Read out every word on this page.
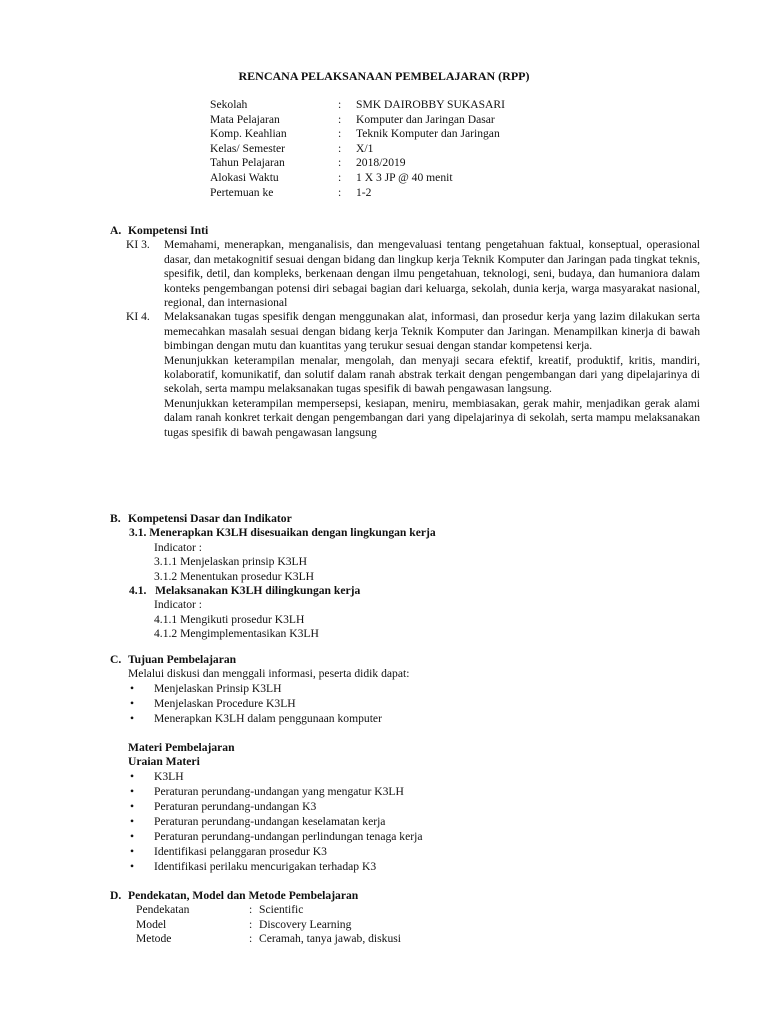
RENCANA PELAKSANAAN PEMBELAJARAN (RPP)
Sekolah	: SMK DAIROBBY SUKASARI
Mata Pelajaran	: Komputer dan Jaringan Dasar
Komp. Keahlian	: Teknik Komputer dan Jaringan
Kelas/ Semester	: X/1
Tahun Pelajaran	: 2018/2019
Alokasi Waktu	: 1 X 3 JP @ 40 menit
Pertemuan ke	: 1-2
A. Kompetensi Inti
KI 3.	Memahami, menerapkan, menganalisis, dan mengevaluasi tentang pengetahuan faktual, konseptual, operasional dasar, dan metakognitif sesuai dengan bidang dan lingkup kerja Teknik Komputer dan Jaringan pada tingkat teknis, spesifik, detil, dan kompleks, berkenaan dengan ilmu pengetahuan, teknologi, seni, budaya, dan humaniora dalam konteks pengembangan potensi diri sebagai bagian dari keluarga, sekolah, dunia kerja, warga masyarakat nasional, regional, dan internasional
KI 4.	Melaksanakan tugas spesifik dengan menggunakan alat, informasi, dan prosedur kerja yang lazim dilakukan serta memecahkan masalah sesuai dengan bidang kerja Teknik Komputer dan Jaringan. Menampilkan kinerja di bawah bimbingan dengan mutu dan kuantitas yang terukur sesuai dengan standar kompetensi kerja.
Menunjukkan keterampilan menalar, mengolah, dan menyaji secara efektif, kreatif, produktif, kritis, mandiri, kolaboratif, komunikatif, dan solutif dalam ranah abstrak terkait dengan pengembangan dari yang dipelajarinya di sekolah, serta mampu melaksanakan tugas spesifik di bawah pengawasan langsung.
Menunjukkan keterampilan mempersepsi, kesiapan, meniru, membiasakan, gerak mahir, menjadikan gerak alami dalam ranah konkret terkait dengan pengembangan dari yang dipelajarinya di sekolah, serta mampu melaksanakan tugas spesifik di bawah pengawasan langsung
B. Kompetensi Dasar dan Indikator
3.1. Menerapkan K3LH disesuaikan dengan lingkungan kerja
Indicator :
3.1.1 Menjelaskan prinsip K3LH
3.1.2 Menentukan prosedur K3LH
4.1.   Melaksanakan K3LH dilingkungan kerja
Indicator :
4.1.1 Mengikuti prosedur K3LH
4.1.2 Mengimplementasikan K3LH
C. Tujuan Pembelajaran
Melalui diskusi dan menggali informasi, peserta didik dapat:
• Menjelaskan Prinsip K3LH
• Menjelaskan Procedure K3LH
• Menerapkan K3LH dalam penggunaan komputer
Materi Pembelajaran
Uraian Materi
• K3LH
• Peraturan perundang-undangan yang mengatur K3LH
• Peraturan perundang-undangan K3
• Peraturan perundang-undangan keselamatan kerja
• Peraturan perundang-undangan perlindungan tenaga kerja
• Identifikasi pelanggaran prosedur K3
• Identifikasi perilaku mencurigakan terhadap K3
D. Pendekatan, Model dan Metode Pembelajaran
Pendekatan	: Scientific
Model	: Discovery Learning
Metode	: Ceramah, tanya jawab, diskusi
